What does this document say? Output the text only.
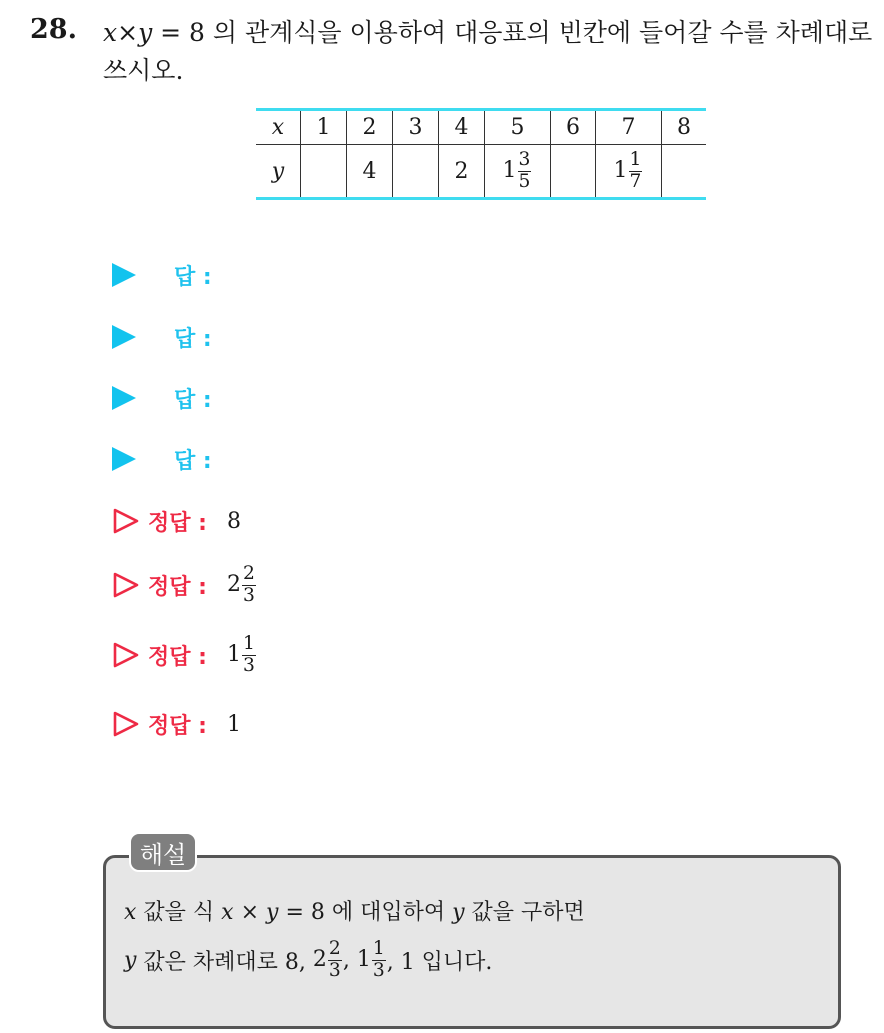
28. x×y = 8 의 관계식을 이용하여 대응표의 빈칸에 들어갈 수를 차례대로
쓰시오.
x	1	2	3	4	5	6	7	8
y		4		2	$1 \frac{3}{5}$		$1 \frac{1}{7}$

답 :
답 :
답 :
답 :
정답 : 8
정답 : $2 \frac{2}{3}$
정답 : $1 \frac{1}{3}$
정답 : 1
해설
x 값을 식 x × y = 8 에 대입하여 y 값을 구하면
y 값은 차례대로 8, $2 \frac{2}{3}$ , $1 \frac{1}{3}$ , 1 입니다.
